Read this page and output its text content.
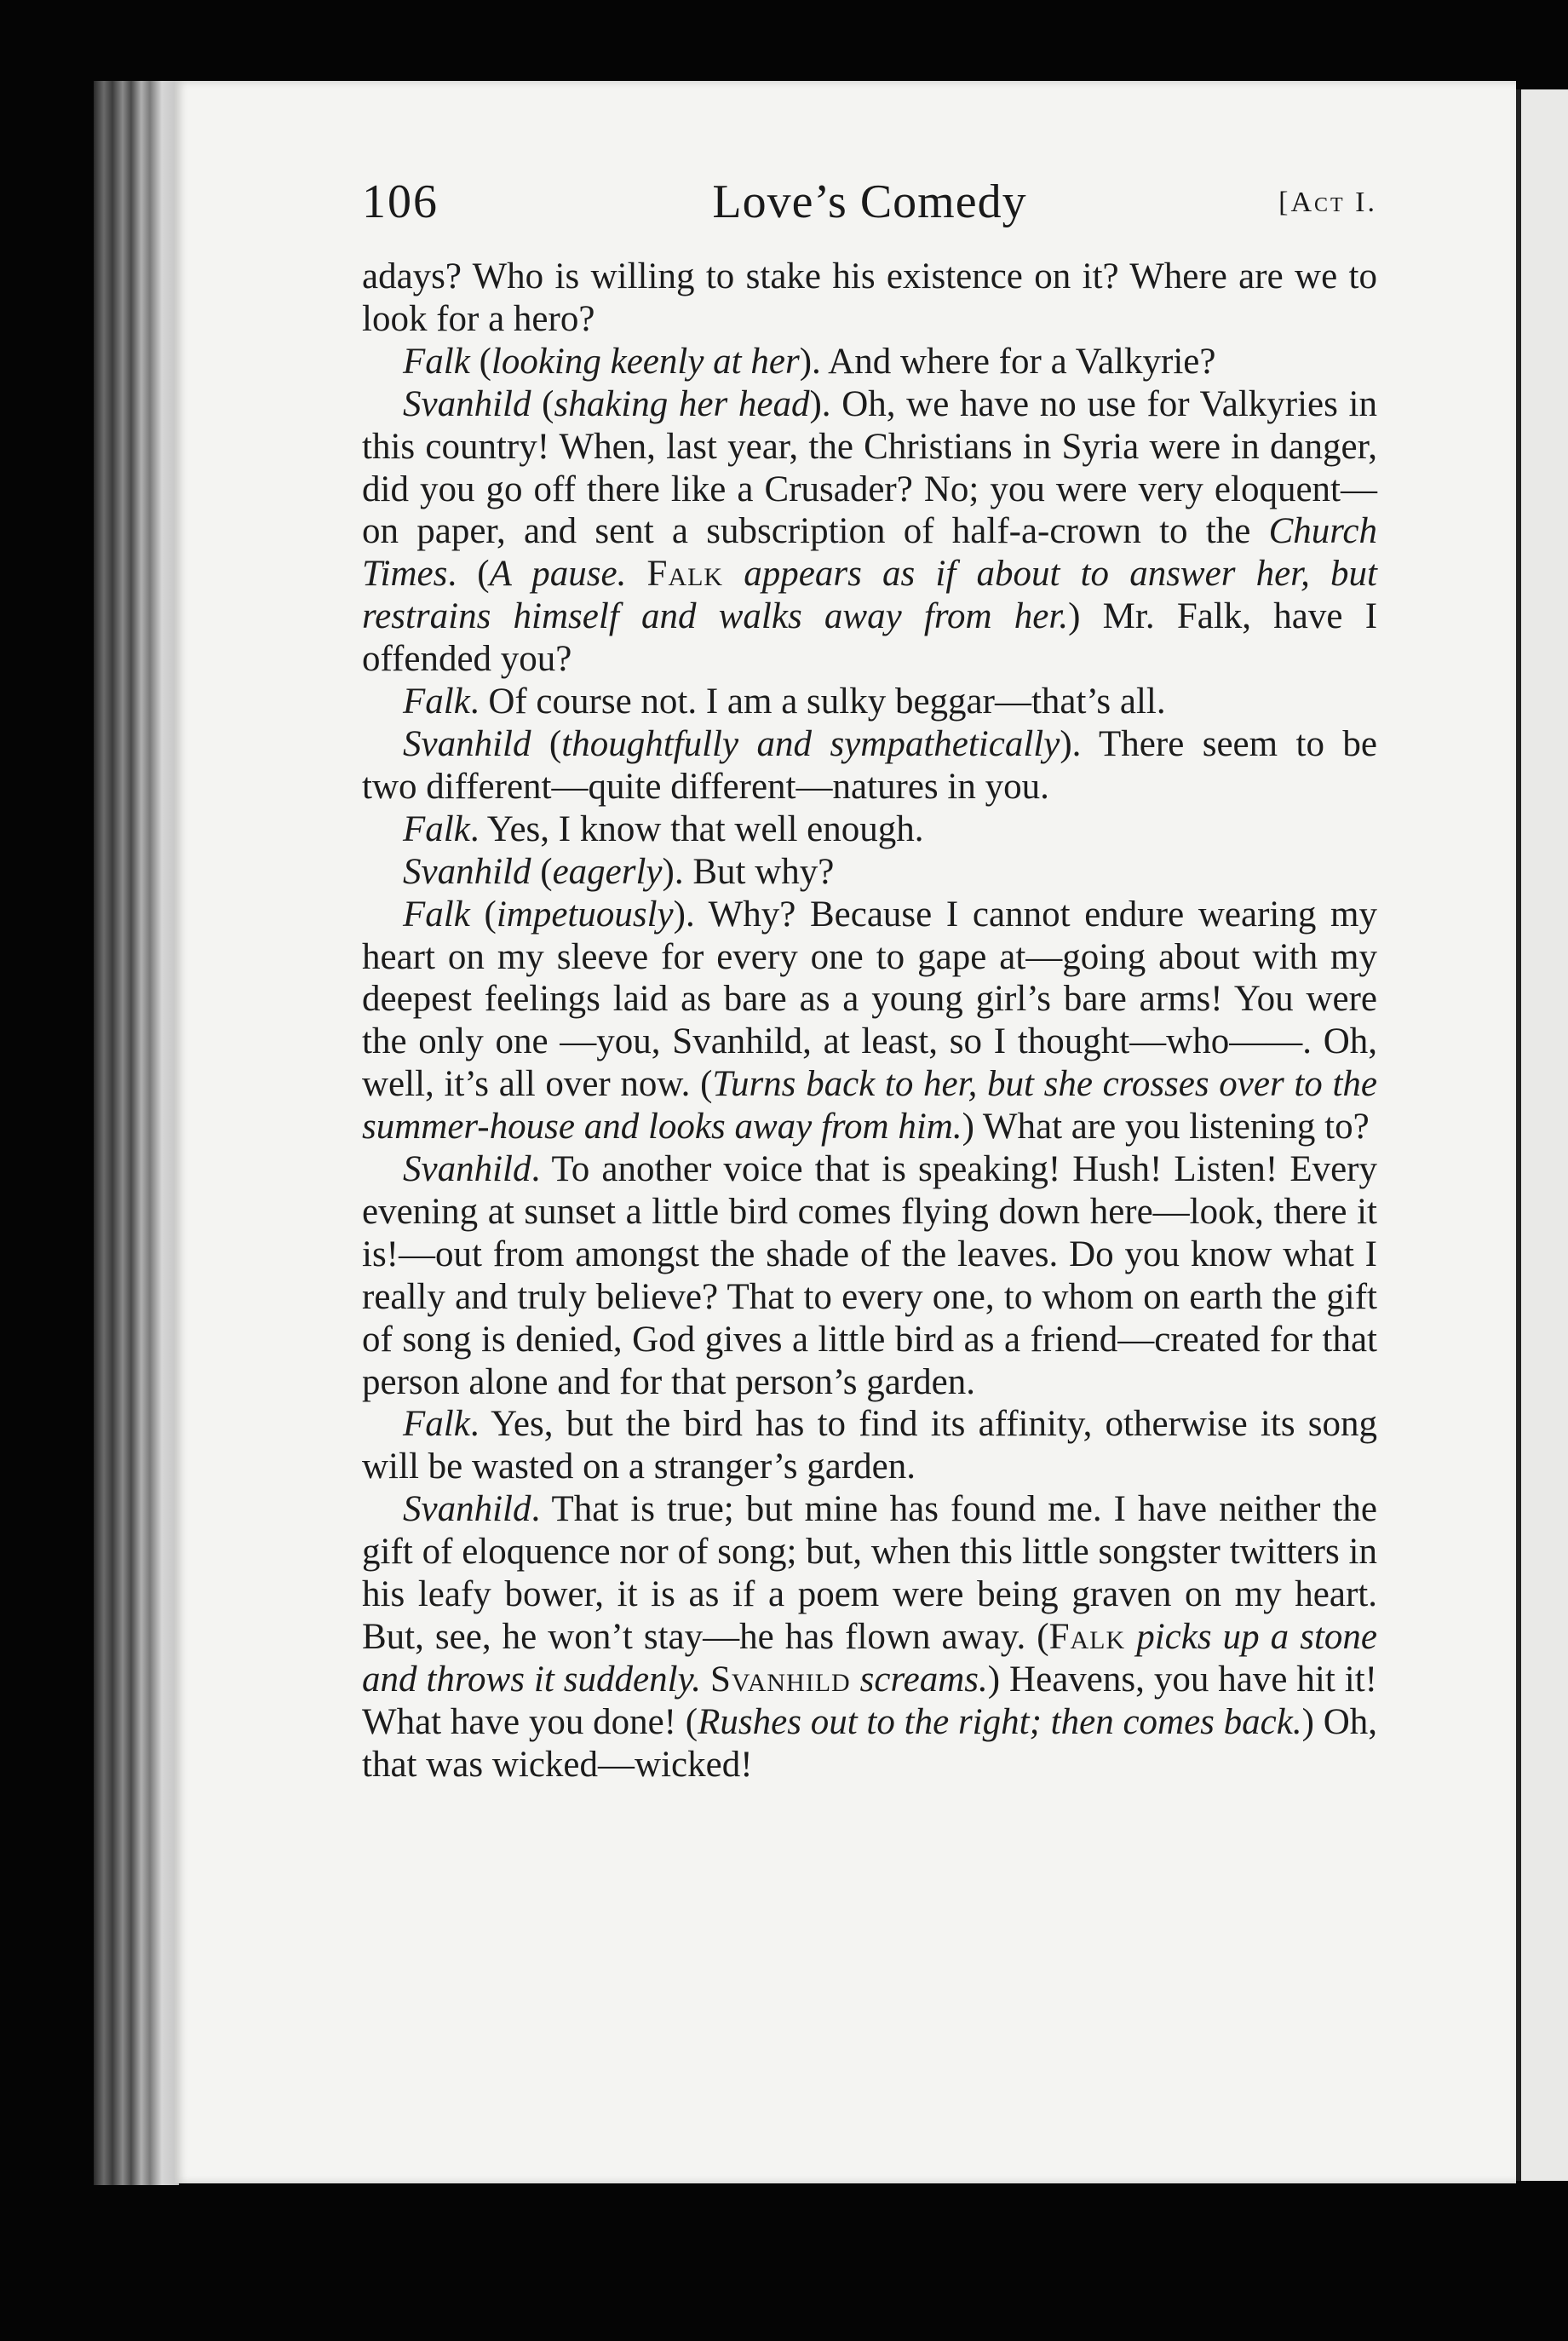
106	Love’s Comedy	[Act I.

adays? Who is willing to stake his existence on it? Where are we to look for a hero?

Falk (looking keenly at her). And where for a Valkyrie?

Svanhild (shaking her head). Oh, we have no use for Valkyries in this country! When, last year, the Christians in Syria were in danger, did you go off there like a Crusader? No; you were very eloquent—on paper, and sent a subscription of half-a-crown to the Church Times. (A pause. Falk appears as if about to answer her, but restrains himself and walks away from her.) Mr. Falk, have I offended you?

Falk. Of course not. I am a sulky beggar—that’s all.

Svanhild (thoughtfully and sympathetically). There seem to be two different—quite different—natures in you.

Falk. Yes, I know that well enough.

Svanhild (eagerly). But why?

Falk (impetuously). Why? Because I cannot endure wearing my heart on my sleeve for every one to gape at—going about with my deepest feelings laid as bare as a young girl’s bare arms! You were the only one —you, Svanhild, at least, so I thought—who——. Oh, well, it’s all over now. (Turns back to her, but she crosses over to the summer-house and looks away from him.) What are you listening to?

Svanhild. To another voice that is speaking! Hush! Listen! Every evening at sunset a little bird comes flying down here—look, there it is!—out from amongst the shade of the leaves. Do you know what I really and truly believe? That to every one, to whom on earth the gift of song is denied, God gives a little bird as a friend—created for that person alone and for that person’s garden.

Falk. Yes, but the bird has to find its affinity, otherwise its song will be wasted on a stranger’s garden.

Svanhild. That is true; but mine has found me. I have neither the gift of eloquence nor of song; but, when this little songster twitters in his leafy bower, it is as if a poem were being graven on my heart. But, see, he won’t stay—he has flown away. (Falk picks up a stone and throws it suddenly. Svanhild screams.) Heavens, you have hit it! What have you done! (Rushes out to the right; then comes back.) Oh, that was wicked—wicked!
